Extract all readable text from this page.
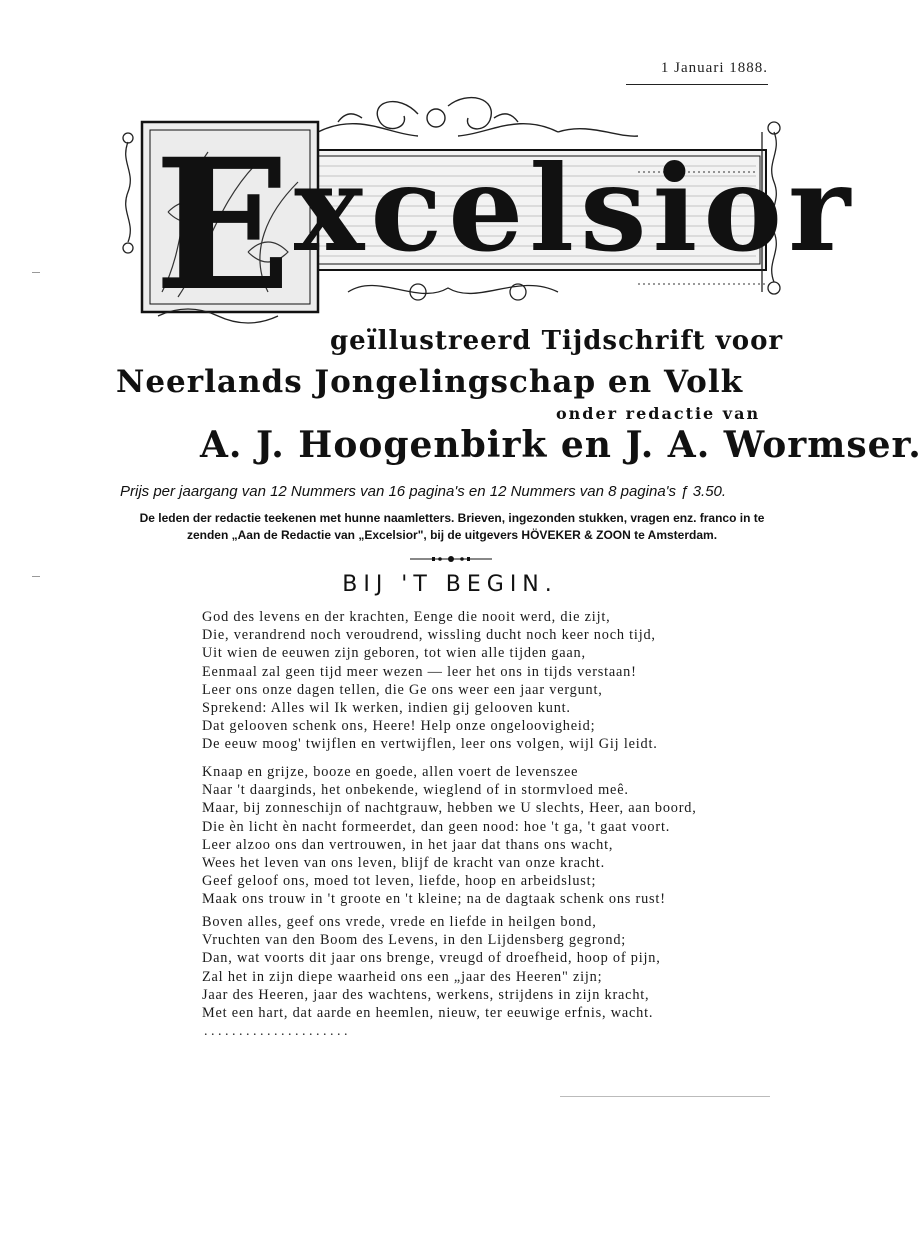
1 Januari 1888.
E xcelsior
geïllustreerd Tijdschrift voor
Neerlands Jongelingschap en Volk
onder redactie van
A. J. Hoogenbirk en J. A. Wormser.
Prijs per jaargang van 12 Nummers van 16 pagina's en 12 Nummers van 8 pagina's ƒ 3.50.
De leden der redactie teekenen met hunne naamletters. Brieven, ingezonden stukken, vragen enz. franco in te
zenden „Aan de Redactie van „Excelsior", bij de uitgevers HÖVEKER & ZOON te Amsterdam.
BIJ 'T BEGIN.
God des levens en der krachten, Eenge die nooit werd, die zijt,
Die, verandrend noch veroudrend, wissling ducht noch keer noch tijd,
Uit wien de eeuwen zijn geboren, tot wien alle tijden gaan,
Eenmaal zal geen tijd meer wezen — leer het ons in tijds verstaan!
Leer ons onze dagen tellen, die Ge ons weer een jaar vergunt,
Sprekend: Alles wil Ik werken, indien gij gelooven kunt.
Dat gelooven schenk ons, Heere! Help onze ongeloovigheid;
De eeuw moog' twijflen en vertwijflen, leer ons volgen, wijl Gij leidt.
Knaap en grijze, booze en goede, allen voert de levenszee
Naar 't daarginds, het onbekende, wieglend of in stormvloed meê.
Maar, bij zonneschijn of nachtgrauw, hebben we U slechts, Heer, aan boord,
Die èn licht èn nacht formeerdet, dan geen nood: hoe 't ga, 't gaat voort.
Leer alzoo ons dan vertrouwen, in het jaar dat thans ons wacht,
Wees het leven van ons leven, blijf de kracht van onze kracht.
Geef geloof ons, moed tot leven, liefde, hoop en arbeidslust;
Maak ons trouw in 't groote en 't kleine; na de dagtaak schenk ons rust!
Boven alles, geef ons vrede, vrede en liefde in heilgen bond,
Vruchten van den Boom des Levens, in den Lijdensberg gegrond;
Dan, wat voorts dit jaar ons brenge, vreugd of droefheid, hoop of pijn,
Zal het in zijn diepe waarheid ons een „jaar des Heeren" zijn;
Jaar des Heeren, jaar des wachtens, werkens, strijdens in zijn kracht,
Met een hart, dat aarde en heemlen, nieuw, ter eeuwige erfnis, wacht.
. . . . . . . . . . . . . . . . . . . . .
